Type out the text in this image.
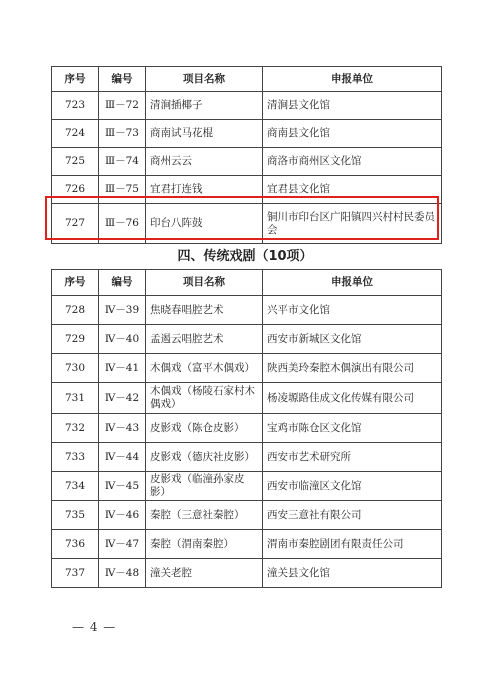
序号	编号	项目名称	申报单位
723	Ⅲ－72	清涧插椰子	清涧县文化馆
724	Ⅲ－73	商南试马花棍	商南县文化馆
725	Ⅲ－74	商州云云	商洛市商州区文化馆
726	Ⅲ－75	宜君打连钱	宜君县文化馆
727	Ⅲ－76	印台八阵鼓	铜川市印台区广阳镇四兴村村民委员会
四、传统戏剧（10项）
序号	编号	项目名称	申报单位
728	Ⅳ－39	焦晓春唱腔艺术	兴平市文化馆
729	Ⅳ－40	孟遏云唱腔艺术	西安市新城区文化馆
730	Ⅳ－41	木偶戏（富平木偶戏）	陕西美玲秦腔木偶演出有限公司
731	Ⅳ－42	木偶戏（杨陵石家村木偶戏）	杨凌塬路佳成文化传媒有限公司
732	Ⅳ－43	皮影戏（陈仓皮影）	宝鸡市陈仓区文化馆
733	Ⅳ－44	皮影戏（德庆社皮影）	西安市艺术研究所
734	Ⅳ－45	皮影戏（临潼孙家皮影）	西安市临潼区文化馆
735	Ⅳ－46	秦腔（三意社秦腔）	西安三意社有限公司
736	Ⅳ－47	秦腔（渭南秦腔）	渭南市秦腔剧团有限责任公司
737	Ⅳ－48	潼关老腔	潼关县文化馆
— 4 —
